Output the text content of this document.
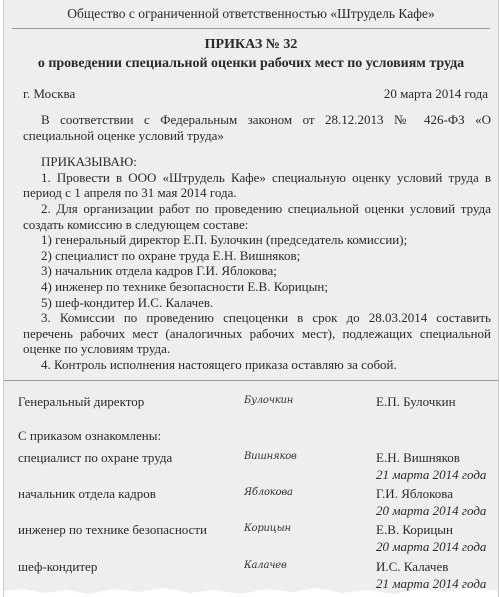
Общество с ограниченной ответственностью «Штрудель Кафе»
ПРИКАЗ № 32
о проведении специальной оценки рабочих мест по условиям труда
г. Москва	20 марта 2014 года

В соответствии с Федеральным законом от 28.12.2013 № 426-ФЗ «О специальной оценке условий труда»

ПРИКАЗЫВАЮ:

1. Провести в ООО «Штрудель Кафе» специальную оценку условий труда в период с 1 апреля по 31 мая 2014 года.

2. Для организации работ по проведению специальной оценки условий труда создать комиссию в следующем составе:

1) генеральный директор Е.П. Булочкин (председатель комиссии);

2) специалист по охране труда Е.Н. Вишняков;

3) начальник отдела кадров Г.И. Яблокова;

4) инженер по технике безопасности Е.В. Корицын;

5) шеф-кондитер И.С. Калачев.

3. Комиссии по проведению спецоценки в срок до 28.03.2014 составить перечень рабочих мест (аналогичных рабочих мест), подлежащих специальной оценке по условиям труда.

4. Контроль исполнения настоящего приказа оставляю за собой.

Генеральный директор	Булочкин	Е.П. Булочкин
С приказом ознакомлены:
специалист по охране труда	Вишняков	Е.Н. Вишняков
21 марта 2014 года
начальник отдела кадров	Яблокова	Г.И. Яблокова
20 марта 2014 года
инженер по технике безопасности	Корицын	Е.В. Корицын
20 марта 2014 года
шеф-кондитер	Калачев	И.С. Калачев
21 марта 2014 года
